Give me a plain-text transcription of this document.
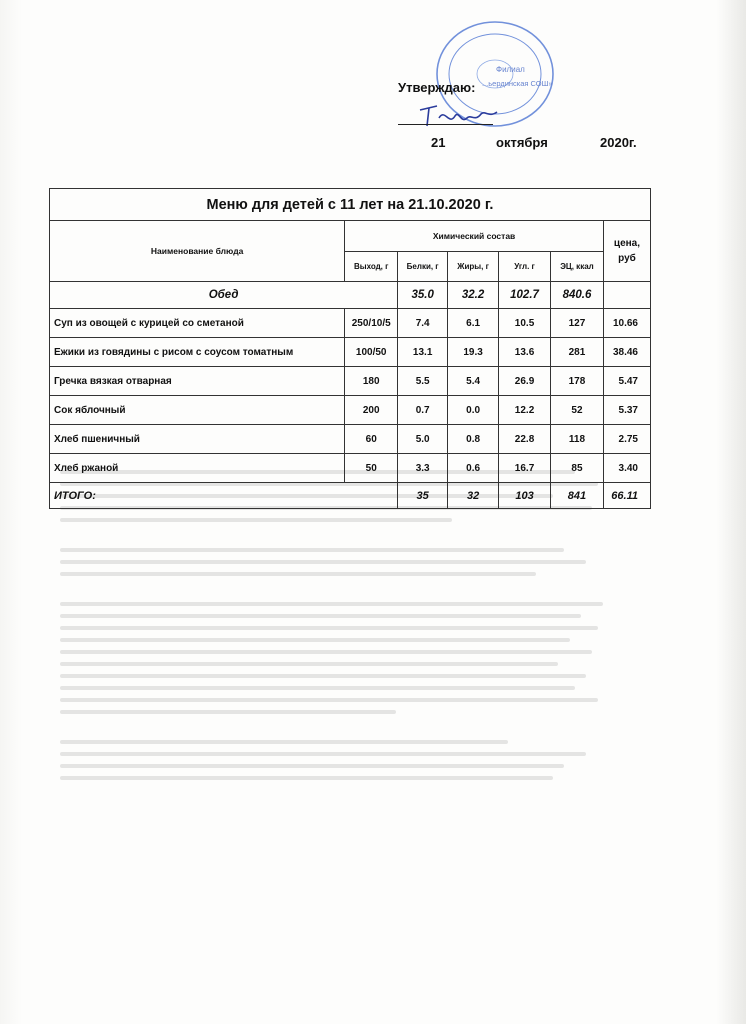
Филиал
...ьердинская СОШ»
Утверждаю:
21	октября	2020г.
Меню для детей с 11 лет на 21.10.2020 г.						
Наименование блюда	Химический состав					цена, руб
	Выход, г	Белки, г	Жиры, г	Угл. г	ЭЦ, ккал	
Обед		35.0	32.2	102.7	840.6	
Суп из овощей с курицей со сметаной	250/10/5	7.4	6.1	10.5	127	10.66
Ежики из говядины с рисом с соусом томатным	100/50	13.1	19.3	13.6	281	38.46
Гречка вязкая отварная	180	5.5	5.4	26.9	178	5.47
Сок яблочный	200	0.7	0.0	12.2	52	5.37
Хлеб пшеничный	60	5.0	0.8	22.8	118	2.75
Хлеб ржаной	50	3.3	0.6	16.7	85	3.40
ИТОГО:		35	32	103	841	66.11
